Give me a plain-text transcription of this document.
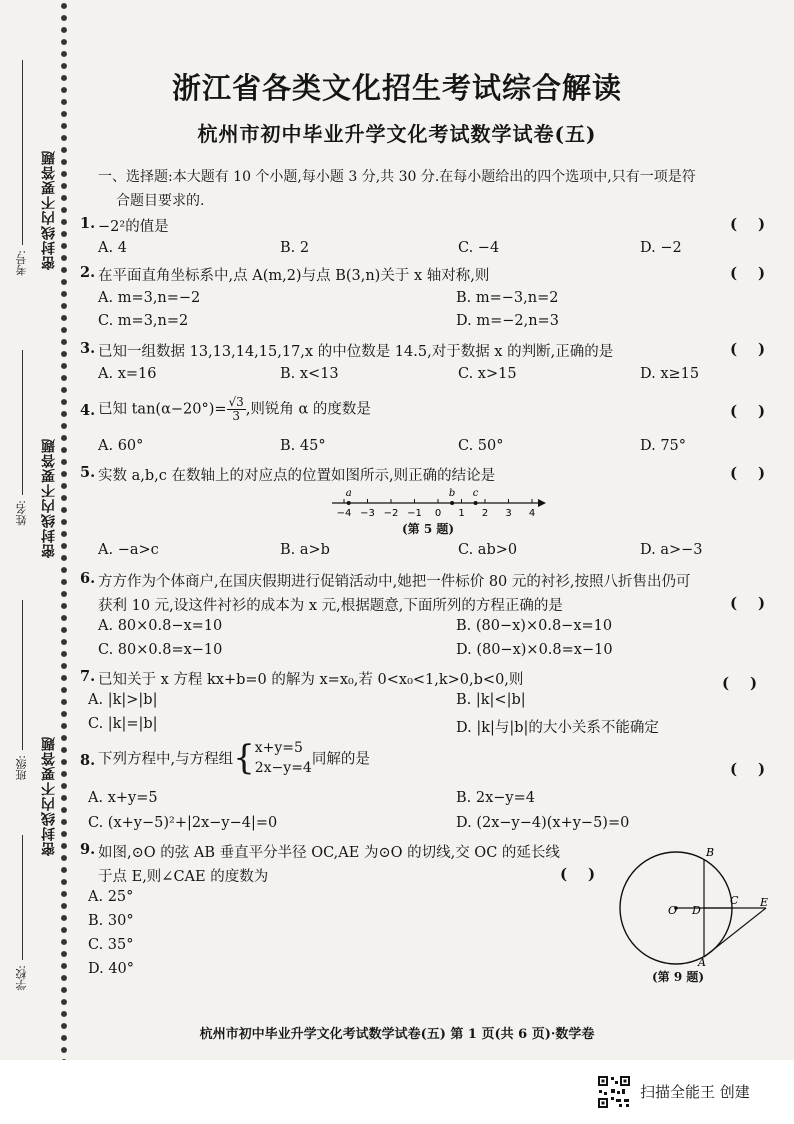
密封线内不要答题
密封线内不要答题
密封线内不要答题
考号:
姓名:
班级:
学校:
浙江省各类文化招生考试综合解读
杭州市初中毕业升学文化考试数学试卷(五)
一、选择题:本大题有 10 个小题,每小题 3 分,共 30 分.在每小题给出的四个选项中,只有一项是符
合题目要求的.
1. −2²的值是	(    )
A. 4	B. 2	C. −4	D. −2
2. 在平面直角坐标系中,点 A(m,2)与点 B(3,n)关于 x 轴对称,则	(    )
A. m=3,n=−2	B. m=−3,n=2
C. m=3,n=2	D. m=−2,n=3
3. 已知一组数据 13,13,14,15,17,x 的中位数是 14.5,对于数据 x 的判断,正确的是	(    )
A. x=16	B. x<13	C. x>15	D. x≥15
4. 已知 $\tan(\alpha-20^\circ)= \frac{√3}{3}$ ,则锐角 α 的度数是	(    )
A. 60°	B. 45°	C. 50°	D. 75°
5. 实数 a,b,c 在数轴上的对应点的位置如图所示,则正确的结论是	(    )
−4 −3 −2 −1 0 1 2 3 4
a	b c
(第 5 题)
A. −a>c	B. a>b	C. ab>0	D. a>−3
6. 方方作为个体商户,在国庆假期进行促销活动中,她把一件标价 80 元的衬衫,按照八折售出仍可
获利 10 元,设这件衬衫的成本为 x 元,根据题意,下面所列的方程正确的是	(    )
A. 80×0.8−x=10	B. (80−x)×0.8−x=10
C. 80×0.8=x−10	D. (80−x)×0.8=x−10
7. 已知关于 x 方程 kx+b=0 的解为 x=x₀,若 0<x₀<1,k>0,b<0,则	(    )
A. |k|>|b|	B. |k|<|b|
C. |k|=|b|	D. |k|与|b|的大小关系不能确定
8. 下列方程中,与方程组{ x+y=5
2x−y=4
同解的是
(    )
A. x+y=5	B. 2x−y=4
C. (x+y−5)²+|2x−y−4|=0	D. (2x−y−4)(x+y−5)=0
9. 如图,⊙O 的弦 AB 垂直平分半径 OC,AE 为⊙O 的切线,交 OC 的延长线
于点 E,则∠CAE 的度数为	(    )
A. 25°
B. 30°
C. 35°
D. 40°
B
O D
C E
A
(第 9 题)
杭州市初中毕业升学文化考试数学试卷(五) 第 1 页(共 6 页)·数学卷
扫描全能王 创建
